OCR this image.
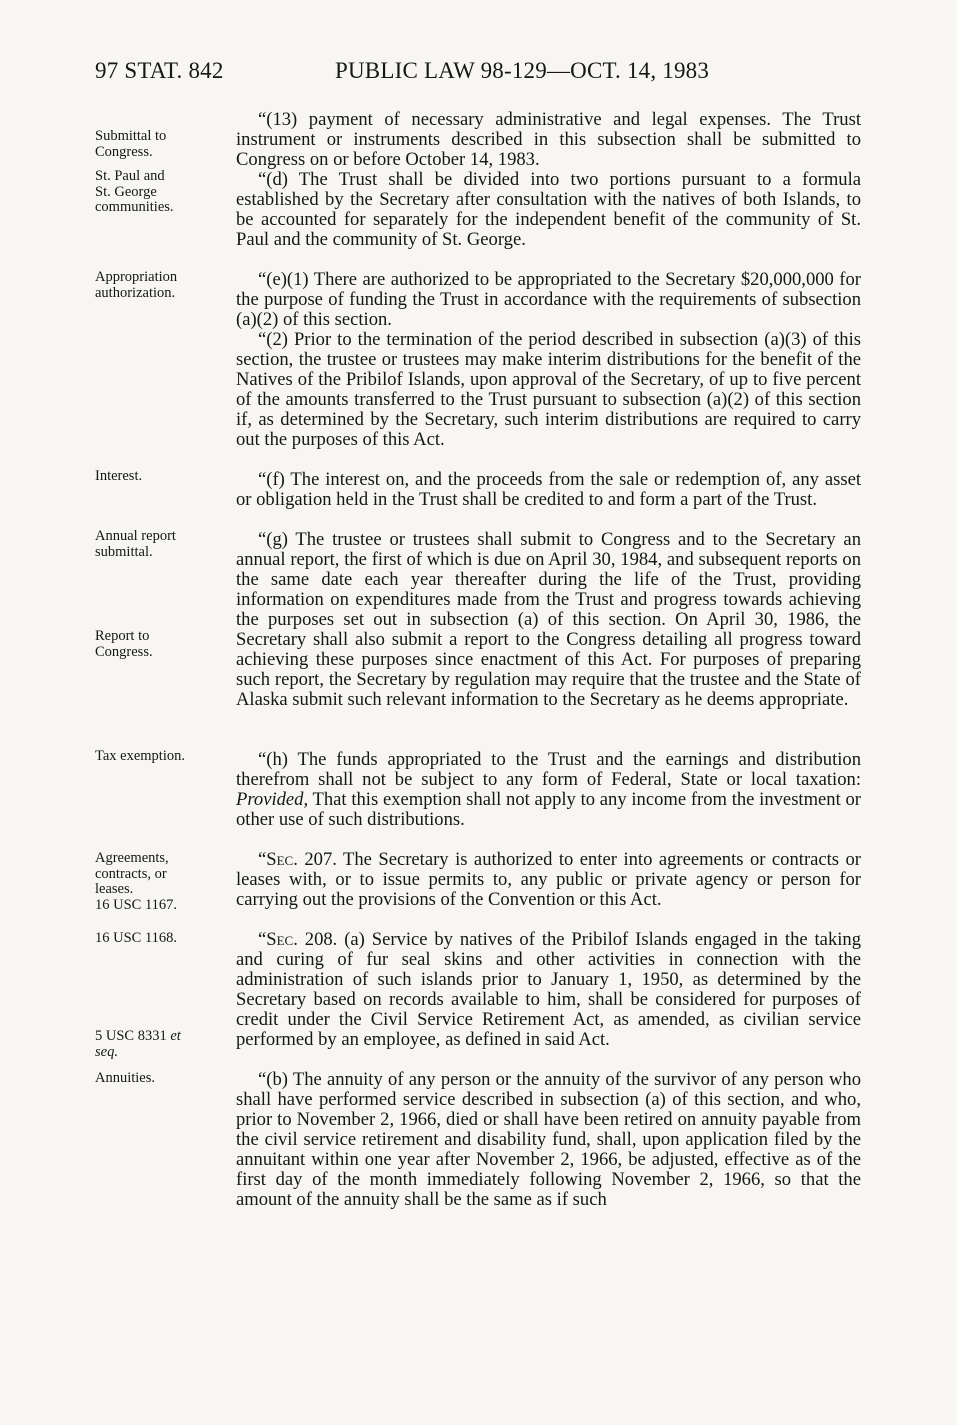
97 STAT. 842	PUBLIC LAW 98-129—OCT. 14, 1983
Submittal to
Congress.
St. Paul and
St. George
communities.
Appropriation
authorization.
Interest.
Annual report
submittal.
Report to
Congress.
Tax exemption.
Agreements,
contracts, or
leases.
16 USC 1167.
16 USC 1168.
5 USC 8331 et
seq.
Annuities.
“(13) payment of necessary administrative and legal expenses. The Trust instrument or instruments described in this subsection shall be submitted to Congress on or before October 14, 1983.
“(d) The Trust shall be divided into two portions pursuant to a formula established by the Secretary after consultation with the natives of both Islands, to be accounted for separately for the independent benefit of the community of St. Paul and the community of St. George.
“(e)(1) There are authorized to be appropriated to the Secretary $20,000,000 for the purpose of funding the Trust in accordance with the requirements of subsection (a)(2) of this section.
“(2) Prior to the termination of the period described in subsection (a)(3) of this section, the trustee or trustees may make interim distributions for the benefit of the Natives of the Pribilof Islands, upon approval of the Secretary, of up to five percent of the amounts transferred to the Trust pursuant to subsection (a)(2) of this section if, as determined by the Secretary, such interim distributions are required to carry out the purposes of this Act.
“(f) The interest on, and the proceeds from the sale or redemption of, any asset or obligation held in the Trust shall be credited to and form a part of the Trust.
“(g) The trustee or trustees shall submit to Congress and to the Secretary an annual report, the first of which is due on April 30, 1984, and subsequent reports on the same date each year thereafter during the life of the Trust, providing information on expenditures made from the Trust and progress towards achieving the purposes set out in subsection (a) of this section. On April 30, 1986, the Secretary shall also submit a report to the Congress detailing all progress toward achieving these purposes since enactment of this Act. For purposes of preparing such report, the Secretary by regulation may require that the trustee and the State of Alaska submit such relevant information to the Secretary as he deems appropriate.
“(h) The funds appropriated to the Trust and the earnings and distribution therefrom shall not be subject to any form of Federal, State or local taxation: Provided, That this exemption shall not apply to any income from the investment or other use of such distributions.
“Sec. 207. The Secretary is authorized to enter into agreements or contracts or leases with, or to issue permits to, any public or private agency or person for carrying out the provisions of the Convention or this Act.
“Sec. 208. (a) Service by natives of the Pribilof Islands engaged in the taking and curing of fur seal skins and other activities in connection with the administration of such islands prior to January 1, 1950, as determined by the Secretary based on records available to him, shall be considered for purposes of credit under the Civil Service Retirement Act, as amended, as civilian service performed by an employee, as defined in said Act.
“(b) The annuity of any person or the annuity of the survivor of any person who shall have performed service described in subsection (a) of this section, and who, prior to November 2, 1966, died or shall have been retired on annuity payable from the civil service retirement and disability fund, shall, upon application filed by the annuitant within one year after November 2, 1966, be adjusted, effective as of the first day of the month immediately following November 2, 1966, so that the amount of the annuity shall be the same as if such
